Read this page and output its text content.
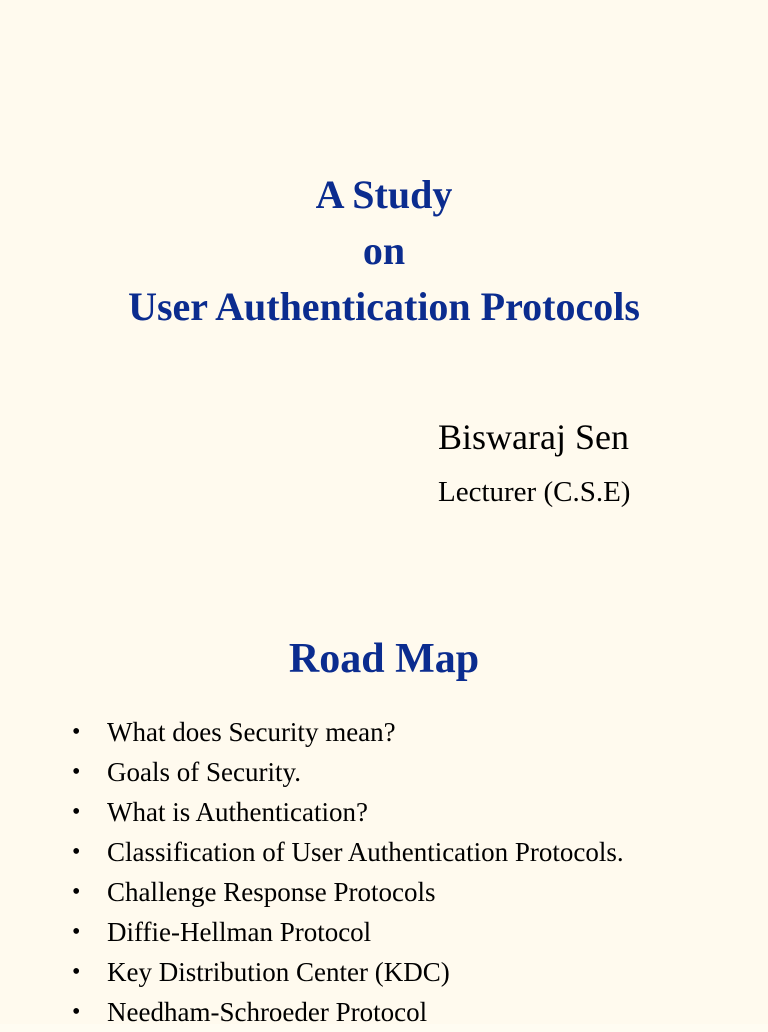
A Study
on
User Authentication Protocols
Biswaraj Sen
Lecturer (C.S.E)
Road Map
• What does Security mean?
• Goals of Security.
• What is Authentication?
• Classification of User Authentication Protocols.
• Challenge Response Protocols
• Diffie-Hellman Protocol
• Key Distribution Center (KDC)
• Needham-Schroeder Protocol
